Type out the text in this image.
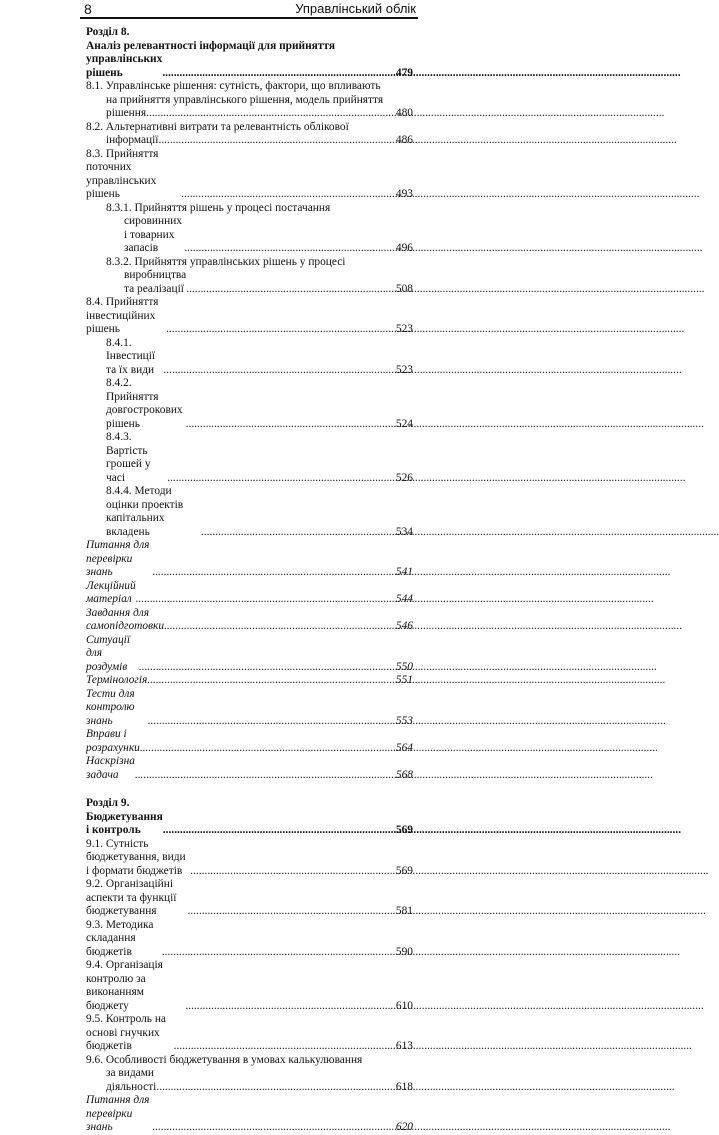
8	Управлінський облік
Розділ 8.
Аналіз релевантності інформації для прийняття
управлінських рішень .....	479
8.1. Управлінське рішення: сутність, фактори, що впливають
на прийняття управлінського рішення, модель прийняття
рішення .....	480
8.2. Альтернативні витрати та релевантність облікової
інформації .....	486
8.3. Прийняття поточних управлінських рішень .....	493
8.3.1. Прийняття рішень у процесі постачання
сировинних і товарних запасів .....	496
8.3.2. Прийняття управлінських рішень у процесі
виробництва та реалізації .....	508
8.4. Прийняття інвестиційних рішень .....	523
8.4.1. Інвестиції та їх види .....	523
8.4.2. Прийняття довгострокових рішень .....	524
8.4.3. Вартість грошей у часі .....	526
8.4.4. Методи оцінки проектів капітальних вкладень .....	534
Питання для перевірки знань .....	541
Лекційний матеріал .....	544
Завдання для самопідготовки .....	546
Ситуації для роздумів .....	550
Термінологія .....	551
Тести для контролю знань .....	553
Вправи і розрахунки .....	564
Наскрізна задача .....	568
Розділ 9.
Бюджетування і контроль .....	569
9.1. Сутність бюджетування, види і формати бюджетів .....	569
9.2. Організаційні аспекти та функції бюджетування .....	581
9.3. Методика складання бюджетів .....	590
9.4. Організація контролю за виконанням бюджету .....	610
9.5. Контроль на основі гнучких бюджетів .....	613
9.6. Особливості бюджетування в умовах калькулювання
за видами діяльності .....	618
Питання для перевірки знань .....	620
